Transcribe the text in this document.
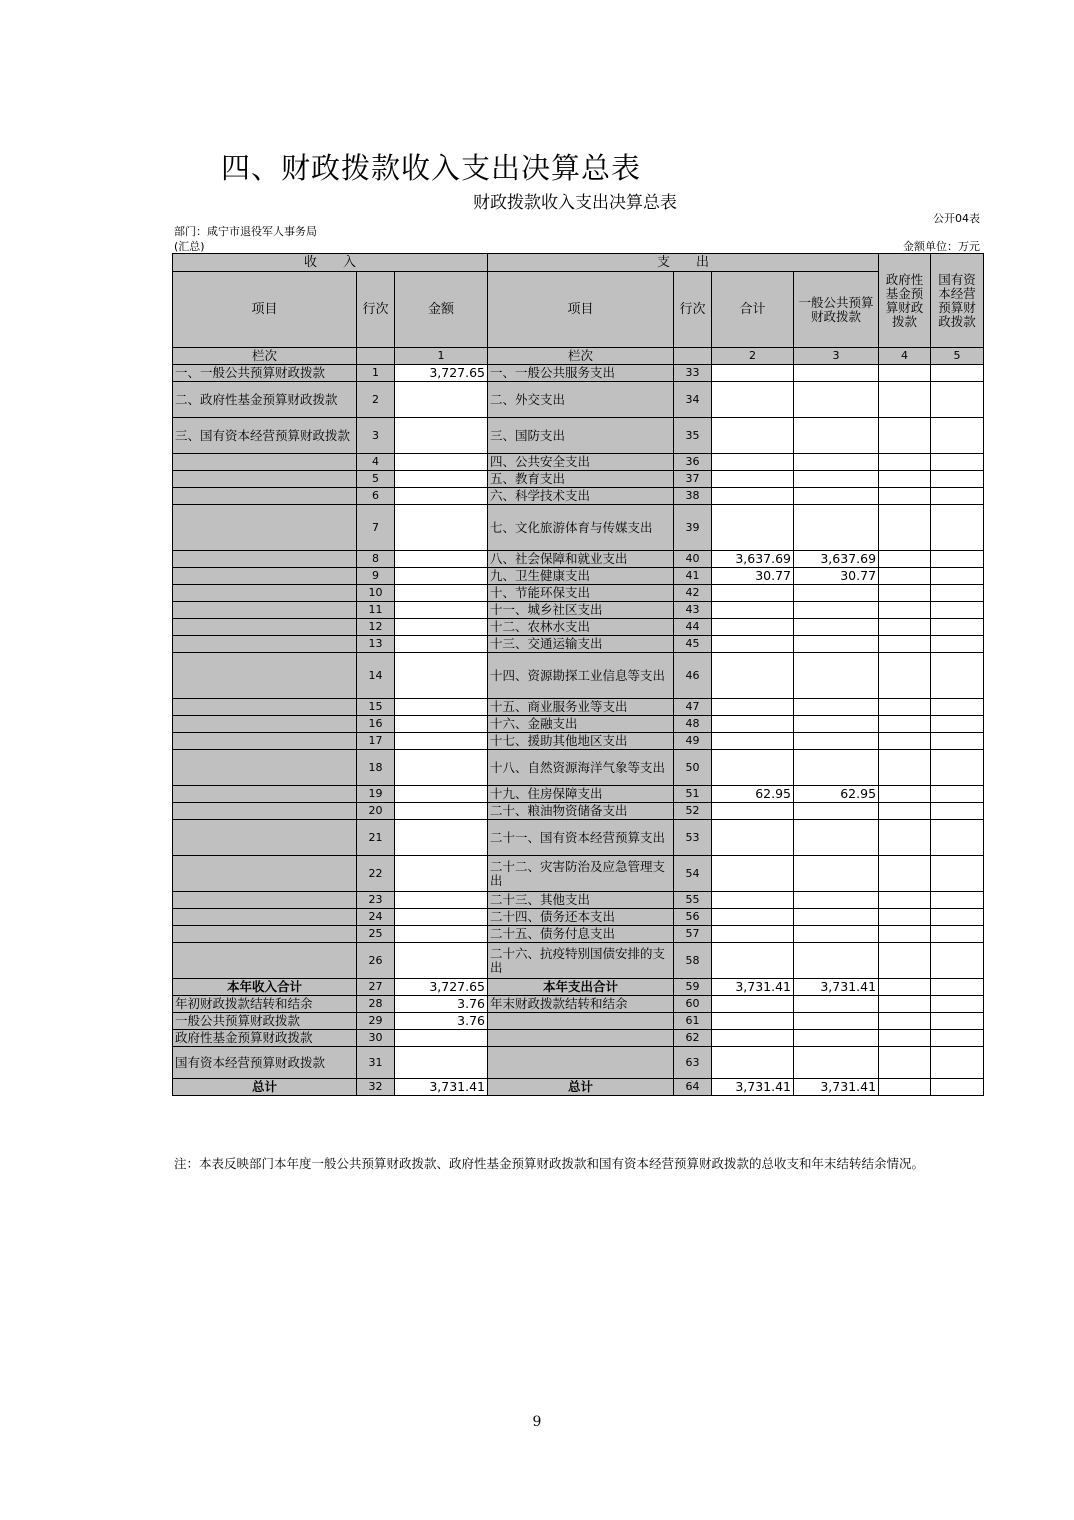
四、财政拨款收入支出决算总表
财政拨款收入支出决算总表
公开04表
部门：咸宁市退役军人事务局
(汇总)	金额单位：万元
收　　入			支　　出				政府性基金预算财政拨款	国有资本经营预算财政拨款
项目	行次	金额	项目	行次	合计	一般公共预算财政拨款		
栏次		1	栏次		2	3	4	5
一、一般公共预算财政拨款	1	3,727.65	一、一般公共服务支出	33				
二、政府性基金预算财政拨款	2		二、外交支出	34				
三、国有资本经营预算财政拨款	3		三、国防支出	35				
	4		四、公共安全支出	36				
	5		五、教育支出	37				
	6		六、科学技术支出	38				
	7		七、文化旅游体育与传媒支出	39				
	8		八、社会保障和就业支出	40	3,637.69	3,637.69		
	9		九、卫生健康支出	41	30.77	30.77		
	10		十、节能环保支出	42				
	11		十一、城乡社区支出	43				
	12		十二、农林水支出	44				
	13		十三、交通运输支出	45				
	14		十四、资源勘探工业信息等支出	46				
	15		十五、商业服务业等支出	47				
	16		十六、金融支出	48				
	17		十七、援助其他地区支出	49				
	18		十八、自然资源海洋气象等支出	50				
	19		十九、住房保障支出	51	62.95	62.95		
	20		二十、粮油物资储备支出	52				
	21		二十一、国有资本经营预算支出	53				
	22		二十二、灾害防治及应急管理支出	54				
	23		二十三、其他支出	55				
	24		二十四、债务还本支出	56				
	25		二十五、债务付息支出	57				
	26		二十六、抗疫特别国债安排的支出	58				
本年收入合计	27	3,727.65	本年支出合计	59	3,731.41	3,731.41		
年初财政拨款结转和结余	28	3.76	年末财政拨款结转和结余	60				
一般公共预算财政拨款	29	3.76		61				
政府性基金预算财政拨款	30			62				
国有资本经营预算财政拨款	31			63				
总计	32	3,731.41	总计	64	3,731.41	3,731.41		
注：本表反映部门本年度一般公共预算财政拨款、政府性基金预算财政拨款和国有资本经营预算财政拨款的总收支和年末结转结余情况。
9
